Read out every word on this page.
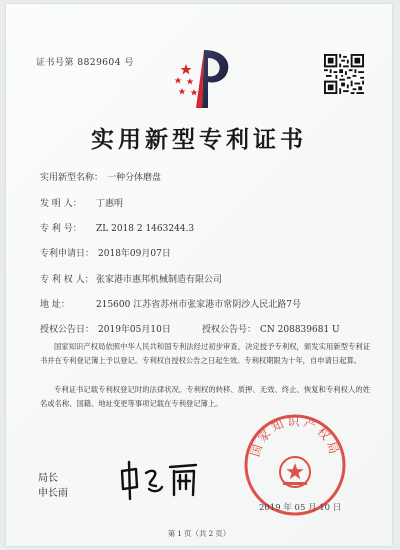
证书号第 8829604 号
实用新型专利证书
实用新型名称： 一种分体磨盘
发 明 人： 丁惠明
专 利 号： ZL 2018 2 1463244.3
专利申请日： 2018年09月07日
专 利 权 人： 张家港市惠邦机械制造有限公司
地 址：	215600 江苏省苏州市张家港市常阴沙人民北路7号
授权公告日： 2019年05月10日	授权公告号： CN 208839681 U
国家知识产权局依照中华人民共和国专利法经过初步审查，决定授予专利权，颁发实用新型专利证书并在专利登记簿上予以登记。专利权自授权公告之日起生效。专利权期限为十年，自申请日起算。
专利证书记载专利权登记时的法律状况。专利权的转移、质押、无效、终止、恢复和专利权人的姓名或名称、国籍、地址变更等事项记载在专利登记簿上。
局长
申长雨
国家知识产权局
2019 年 05 月 10 日
第 1 页（共 2 页）
